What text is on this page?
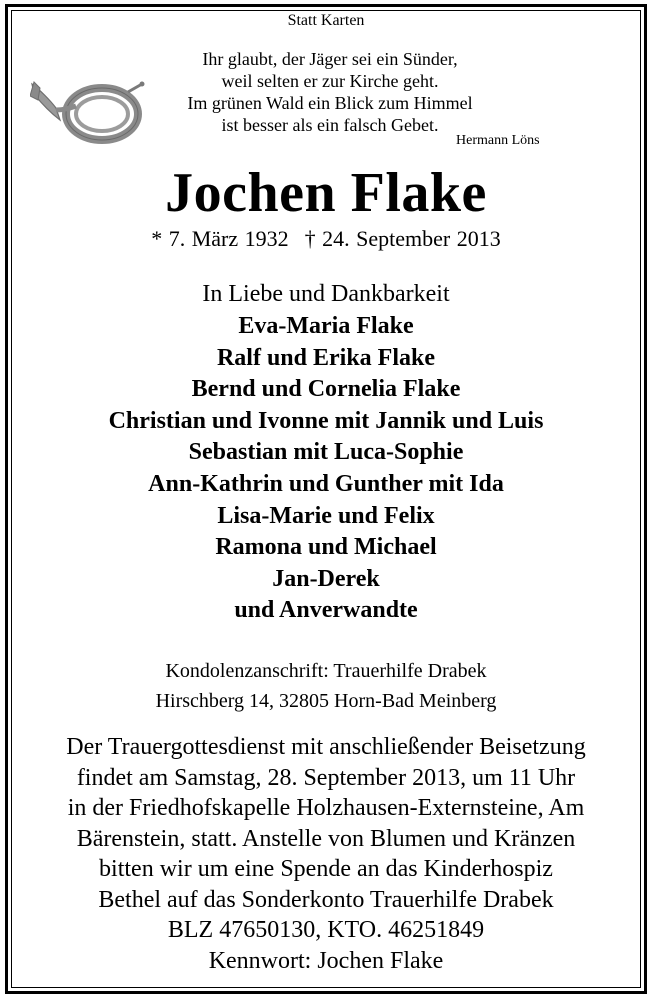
Statt Karten
Ihr glaubt, der Jäger sei ein Sünder,
weil selten er zur Kirche geht.
Im grünen Wald ein Blick zum Himmel
ist besser als ein falsch Gebet.
Hermann Löns
Jochen Flake
* 7. März 1932 † 24. September 2013
In Liebe und Dankbarkeit
Eva-Maria Flake
Ralf und Erika Flake
Bernd und Cornelia Flake
Christian und Ivonne mit Jannik und Luis
Sebastian mit Luca-Sophie
Ann-Kathrin und Gunther mit Ida
Lisa-Marie und Felix
Ramona und Michael
Jan-Derek
und Anverwandte
Kondolenzanschrift: Trauerhilfe Drabek
Hirschberg 14, 32805 Horn-Bad Meinberg
Der Trauergottesdienst mit anschließender Beisetzung
findet am Samstag, 28. September 2013, um 11 Uhr
in der Friedhofskapelle Holzhausen-Externsteine, Am
Bärenstein, statt. Anstelle von Blumen und Kränzen
bitten wir um eine Spende an das Kinderhospiz
Bethel auf das Sonderkonto Trauerhilfe Drabek
BLZ 47650130, KTO. 46251849
Kennwort: Jochen Flake
